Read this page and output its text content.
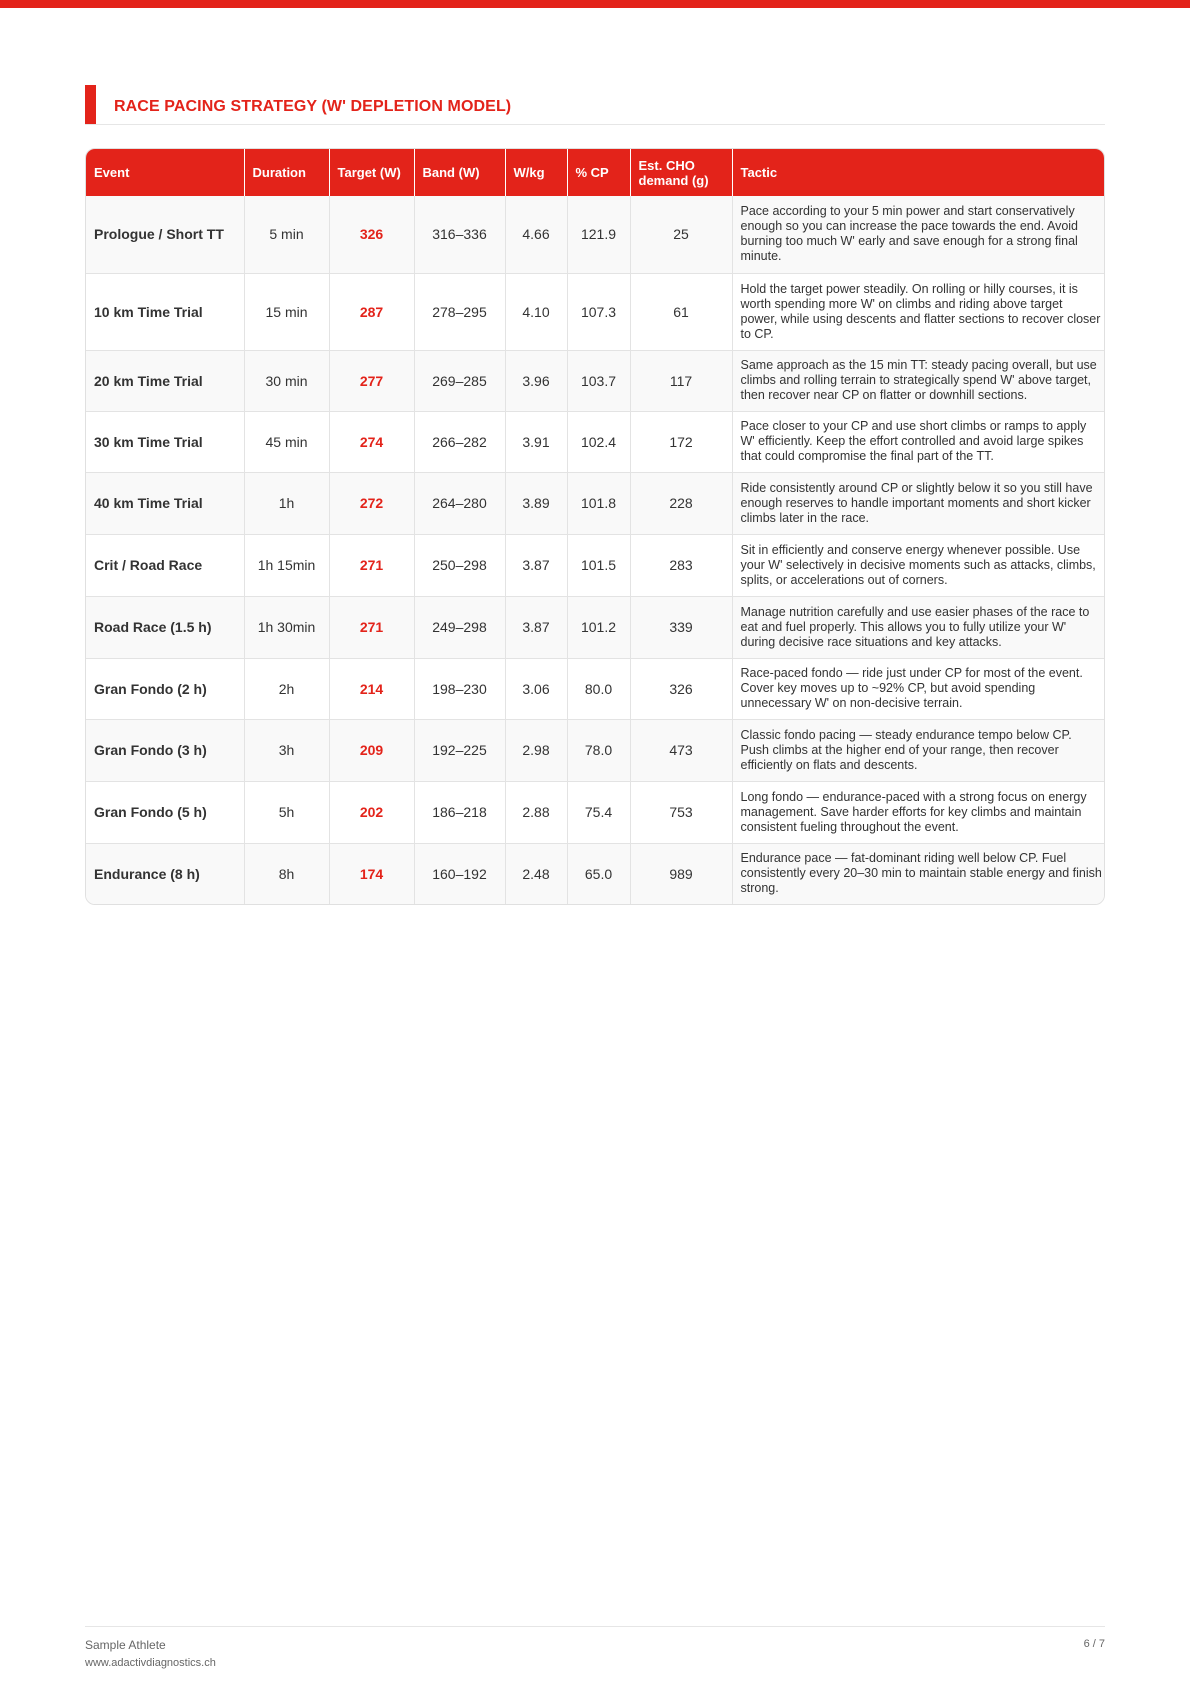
RACE PACING STRATEGY (W' DEPLETION MODEL)
Event	Duration	Target (W)	Band (W)	W/kg	% CP	Est. CHO demand (g)	Tactic
Prologue / Short TT	5 min	326	316–336	4.66	121.9	25	Pace according to your 5 min power and start conservatively enough so you can increase the pace towards the end. Avoid burning too much W' early and save enough for a strong final minute.
10 km Time Trial	15 min	287	278–295	4.10	107.3	61	Hold the target power steadily. On rolling or hilly courses, it is worth spending more W' on climbs and riding above target power, while using descents and flatter sections to recover closer to CP.
20 km Time Trial	30 min	277	269–285	3.96	103.7	117	Same approach as the 15 min TT: steady pacing overall, but use climbs and rolling terrain to strategically spend W' above target, then recover near CP on flatter or downhill sections.
30 km Time Trial	45 min	274	266–282	3.91	102.4	172	Pace closer to your CP and use short climbs or ramps to apply W' efficiently. Keep the effort controlled and avoid large spikes that could compromise the final part of the TT.
40 km Time Trial	1h	272	264–280	3.89	101.8	228	Ride consistently around CP or slightly below it so you still have enough reserves to handle important moments and short kicker climbs later in the race.
Crit / Road Race	1h 15min	271	250–298	3.87	101.5	283	Sit in efficiently and conserve energy whenever possible. Use your W' selectively in decisive moments such as attacks, climbs, splits, or accelerations out of corners.
Road Race (1.5 h)	1h 30min	271	249–298	3.87	101.2	339	Manage nutrition carefully and use easier phases of the race to eat and fuel properly. This allows you to fully utilize your W' during decisive race situations and key attacks.
Gran Fondo (2 h)	2h	214	198–230	3.06	80.0	326	Race-paced fondo — ride just under CP for most of the event. Cover key moves up to ~92% CP, but avoid spending unnecessary W' on non-decisive terrain.
Gran Fondo (3 h)	3h	209	192–225	2.98	78.0	473	Classic fondo pacing — steady endurance tempo below CP. Push climbs at the higher end of your range, then recover efficiently on flats and descents.
Gran Fondo (5 h)	5h	202	186–218	2.88	75.4	753	Long fondo — endurance-paced with a strong focus on energy management. Save harder efforts for key climbs and maintain consistent fueling throughout the event.
Endurance (8 h)	8h	174	160–192	2.48	65.0	989	Endurance pace — fat-dominant riding well below CP. Fuel consistently every 20–30 min to maintain stable energy and finish strong.
Sample Athlete
www.adactivdiagnostics.ch
6 / 7
